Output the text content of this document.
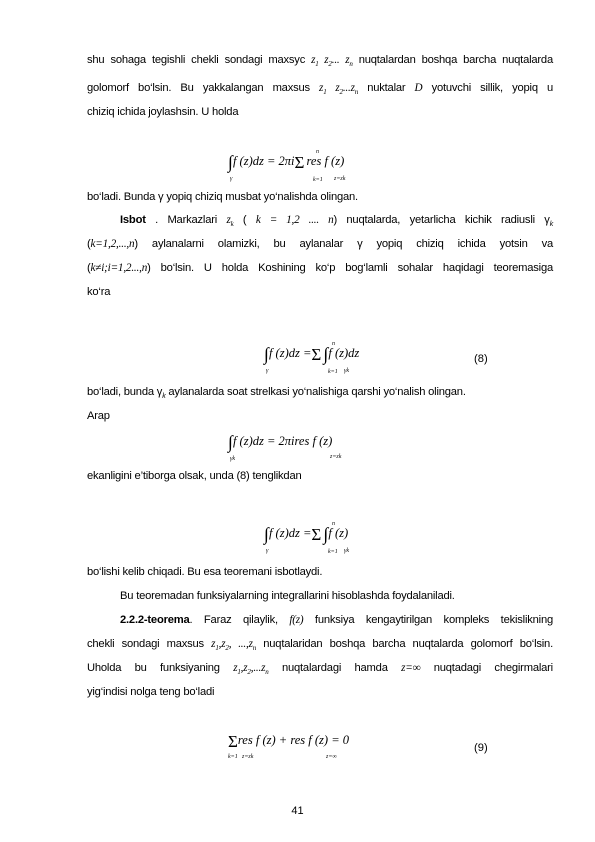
shu sohaga tegishli chekli sondagi maxsyc $z_1$ $z_2$... $z_n$ nuqtalardan boshqa barcha nuqtalarda
golomorf bo‘lsin. Bu yakkalangan maxsus $z_1$ $z_2...z_n$ nuktalar D yotuvchi sillik, yopiq u
chiziq ichida joylashsin. U holda
∫f (z)dz = 2πiΣ res f (z)
γ
n
k=1 z=zk
bo‘ladi. Bunda γ yopiq chiziq musbat yo‘nalishda olingan.
Isbot . Markazlari $z_k$ ( k = 1,2 .... n) nuqtalarda, yetarlicha kichik radiusli $\gamma_k$
(k=1,2,...,n) aylanalarni olamizki, bu aylanalar γ yopiq chiziq ichida yotsin va
(k≠i;i=1,2...,n) bo‘lsin. U holda Koshining ko‘p bog‘lamli sohalar haqidagi teoremasiga
ko‘ra
∫f (z)dz =Σ ∫f (z)dz
γ
n
k=1 γk
(8)
bo‘ladi, bunda $\gamma_k$ aylanalarda soat strelkasi yo‘nalishiga qarshi yo‘nalish olingan.
Arap
∫f (z)dz = 2πires f (z)
γk	z=zk
ekanligini e’tiborga olsak, unda (8) tenglikdan
∫f (z)dz =Σ ∫f (z)
γ
n
k=1 γk
bo‘lishi kelib chiqadi. Bu esa teoremani isbotlaydi.
Bu teoremadan funksiyalarning integrallarini hisoblashda foydalaniladi.
2.2.2-teorema. Faraz qilaylik, f(z) funksiya kengaytirilgan kompleks tekislikning
chekli sondagi maxsus $z_1,z_2$, $...,z_n$ nuqtalaridan boshqa barcha nuqtalarda golomorf bo‘lsin.
Uholda bu funksiyaning $z_1,z_2,...z_n$ nuqtalardagi hamda z=∞ nuqtadagi chegirmalari
yig‘indisi nolga teng bo‘ladi
Σres f (z) + res f (z) = 0
k=1 z=zk	z=∞
(9)
41
